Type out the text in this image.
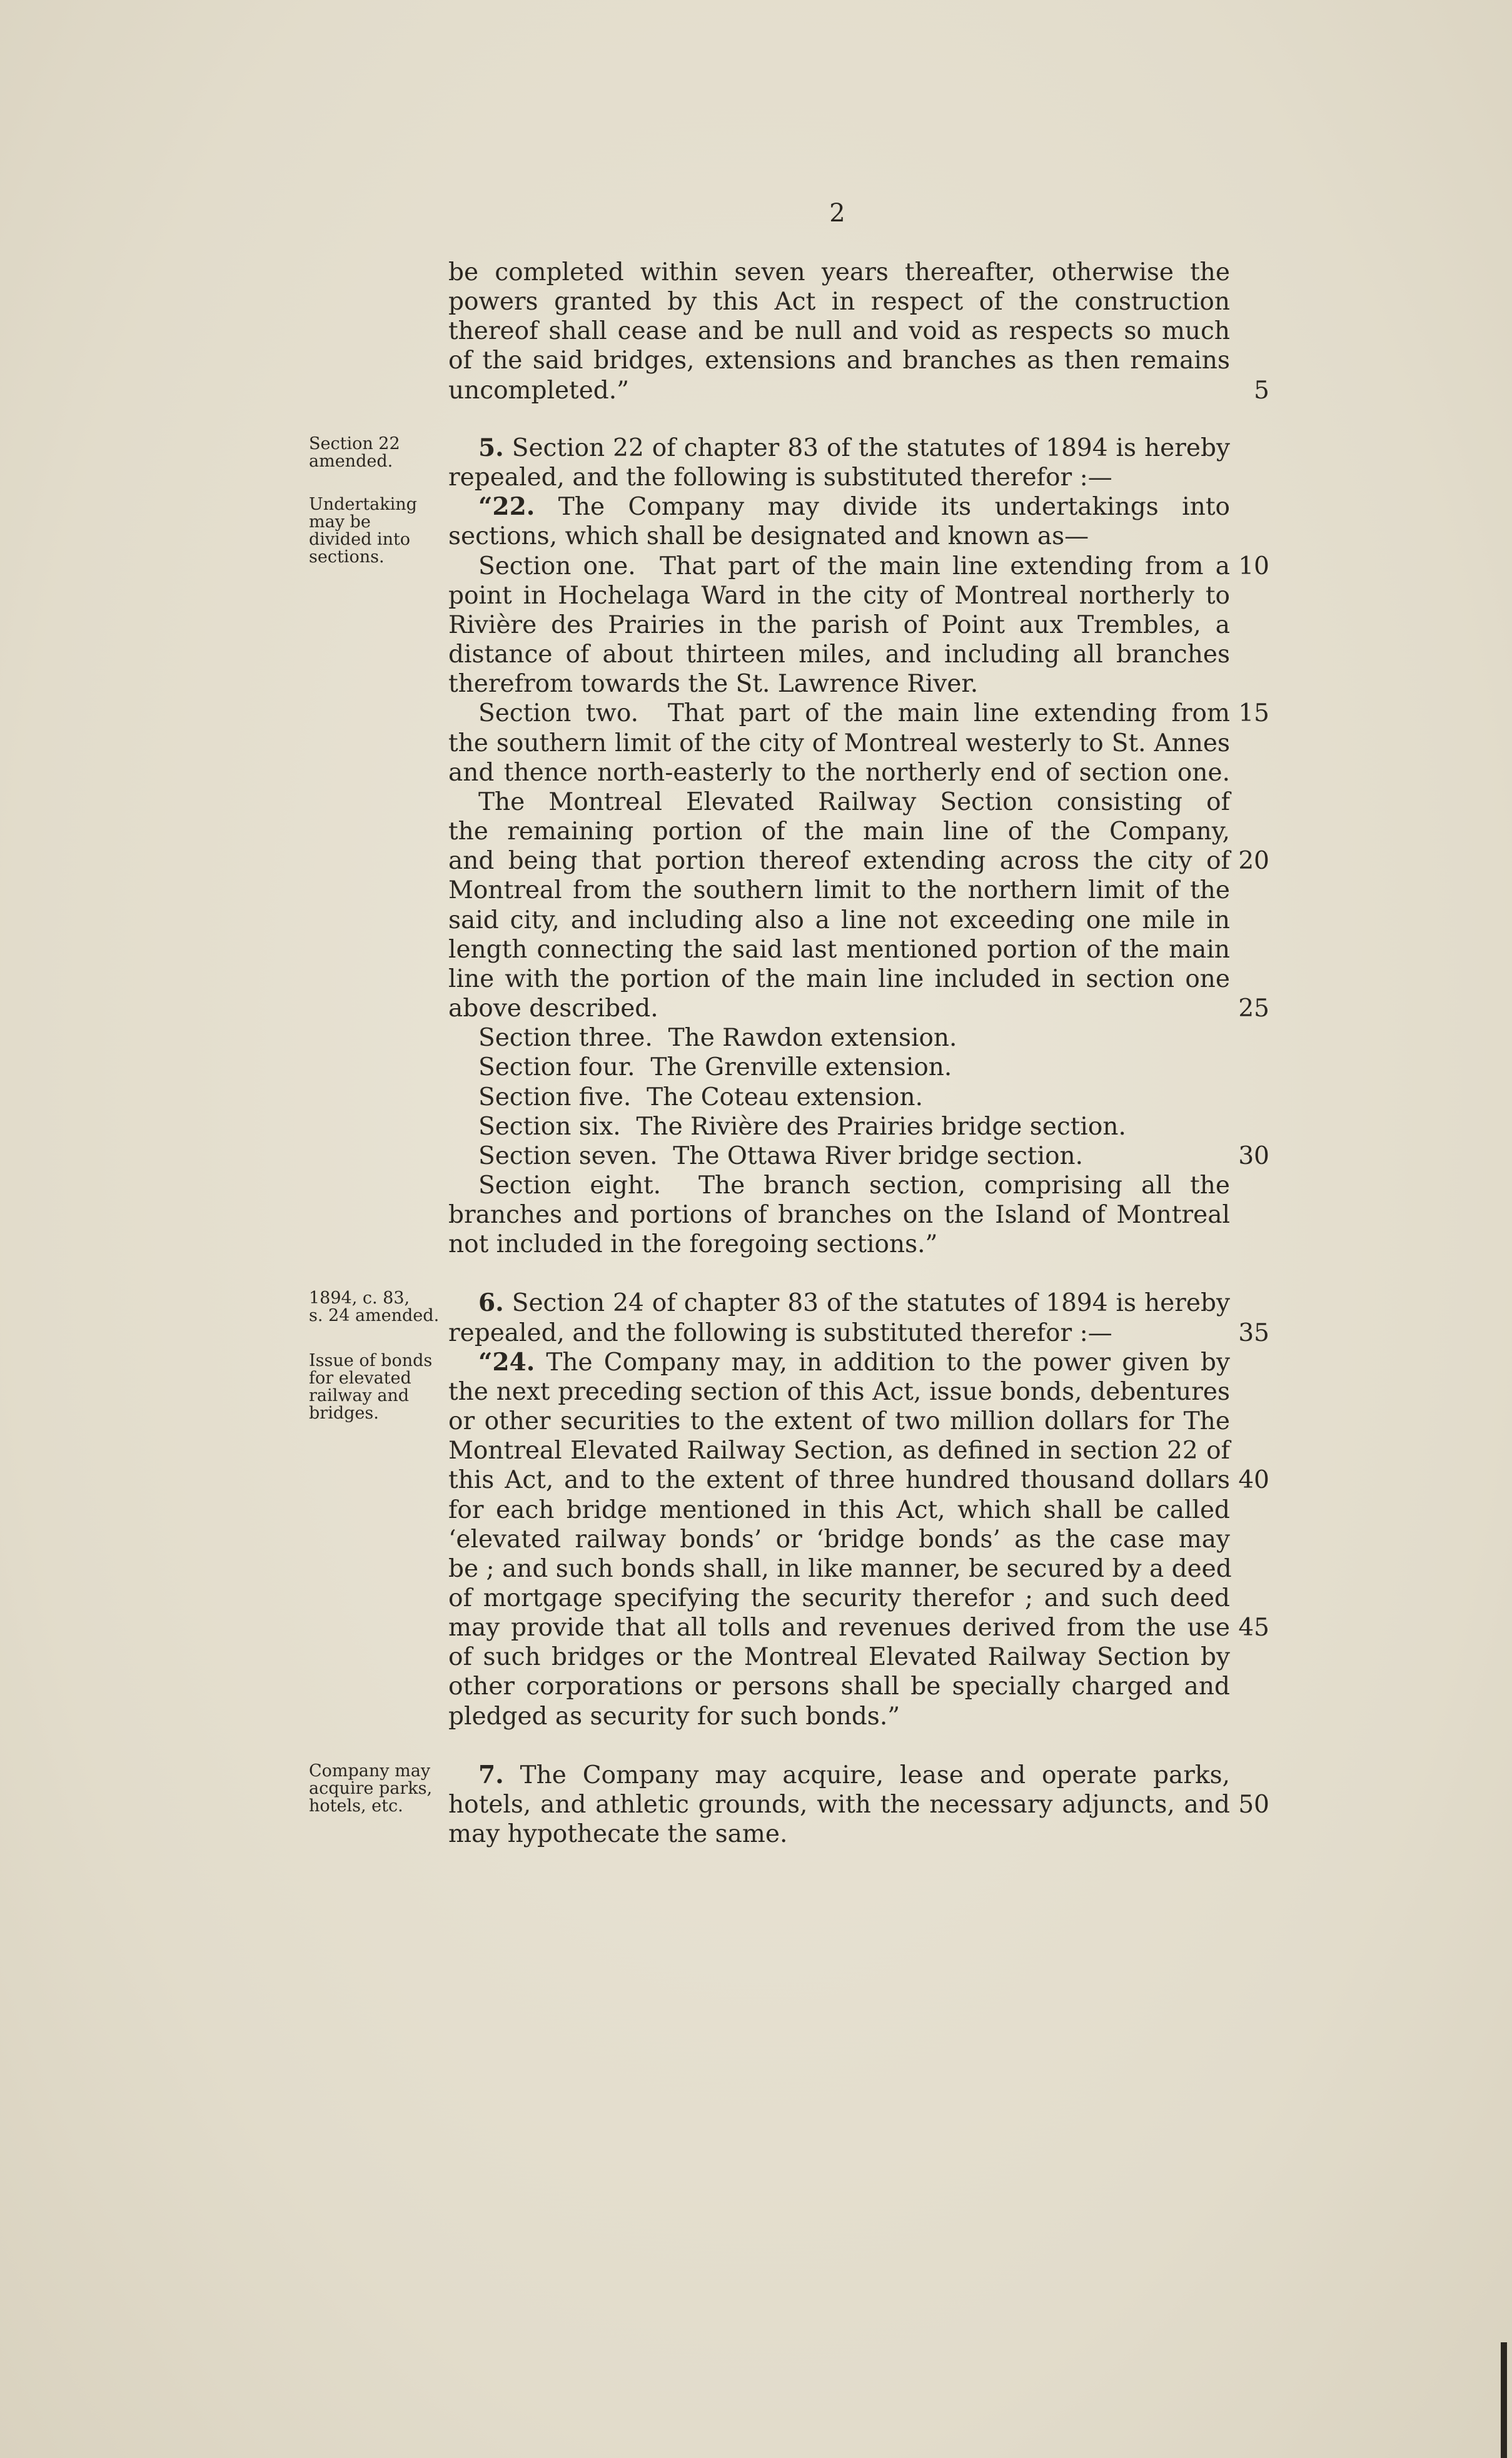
2
be completed within seven years thereafter, otherwise the
powers granted by this Act in respect of the construction
thereof shall cease and be null and void as respects so much
of the said bridges, extensions and branches as then remains
uncompleted.”	5
5. Section 22 of chapter 83 of the statutes of 1894 is hereby
repealed, and the following is substituted therefor :—
“22. The Company may divide its undertakings into
sections, which shall be designated and known as—
Section one.  That part of the main line extending from a 10
point in Hochelaga Ward in the city of Montreal northerly to
Rivière des Prairies in the parish of Point aux Trembles, a
distance of about thirteen miles, and including all branches
therefrom towards the St. Lawrence River.
Section two.  That part of the main line extending from 15
the southern limit of the city of Montreal westerly to St. Annes
and thence north-easterly to the northerly end of section one.
The Montreal Elevated Railway Section consisting of
the remaining portion of the main line of the Company,
and being that portion thereof extending across the city of 20
Montreal from the southern limit to the northern limit of the
said city, and including also a line not exceeding one mile in
length connecting the said last mentioned portion of the main
line with the portion of the main line included in section one
above described.	25
Section three.  The Rawdon extension.
Section four.  The Grenville extension.
Section five.  The Coteau extension.
Section six.  The Rivière des Prairies bridge section.
Section seven.  The Ottawa River bridge section.	30
Section eight.  The branch section, comprising all the
branches and portions of branches on the Island of Montreal
not included in the foregoing sections.”
6. Section 24 of chapter 83 of the statutes of 1894 is hereby
repealed, and the following is substituted therefor :—	35
“24. The Company may, in addition to the power given by
the next preceding section of this Act, issue bonds, debentures
or other securities to the extent of two million dollars for The
Montreal Elevated Railway Section, as defined in section 22 of
this Act, and to the extent of three hundred thousand dollars 40
for each bridge mentioned in this Act, which shall be called
‘elevated railway bonds’ or ‘bridge bonds’ as the case may
be ; and such bonds shall, in like manner, be secured by a deed
of mortgage specifying the security therefor ; and such deed
may provide that all tolls and revenues derived from the use 45
of such bridges or the Montreal Elevated Railway Section by
other corporations or persons shall be specially charged and
pledged as security for such bonds.”
7. The Company may acquire, lease and operate parks,
hotels, and athletic grounds, with the necessary adjuncts, and 50
may hypothecate the same.
Section 22
amended.
Undertaking
may be
divided into
sections.
1894, c. 83,
s. 24 amended.
Issue of bonds
for elevated
railway and
bridges.
Company may
acquire parks,
hotels, etc.
